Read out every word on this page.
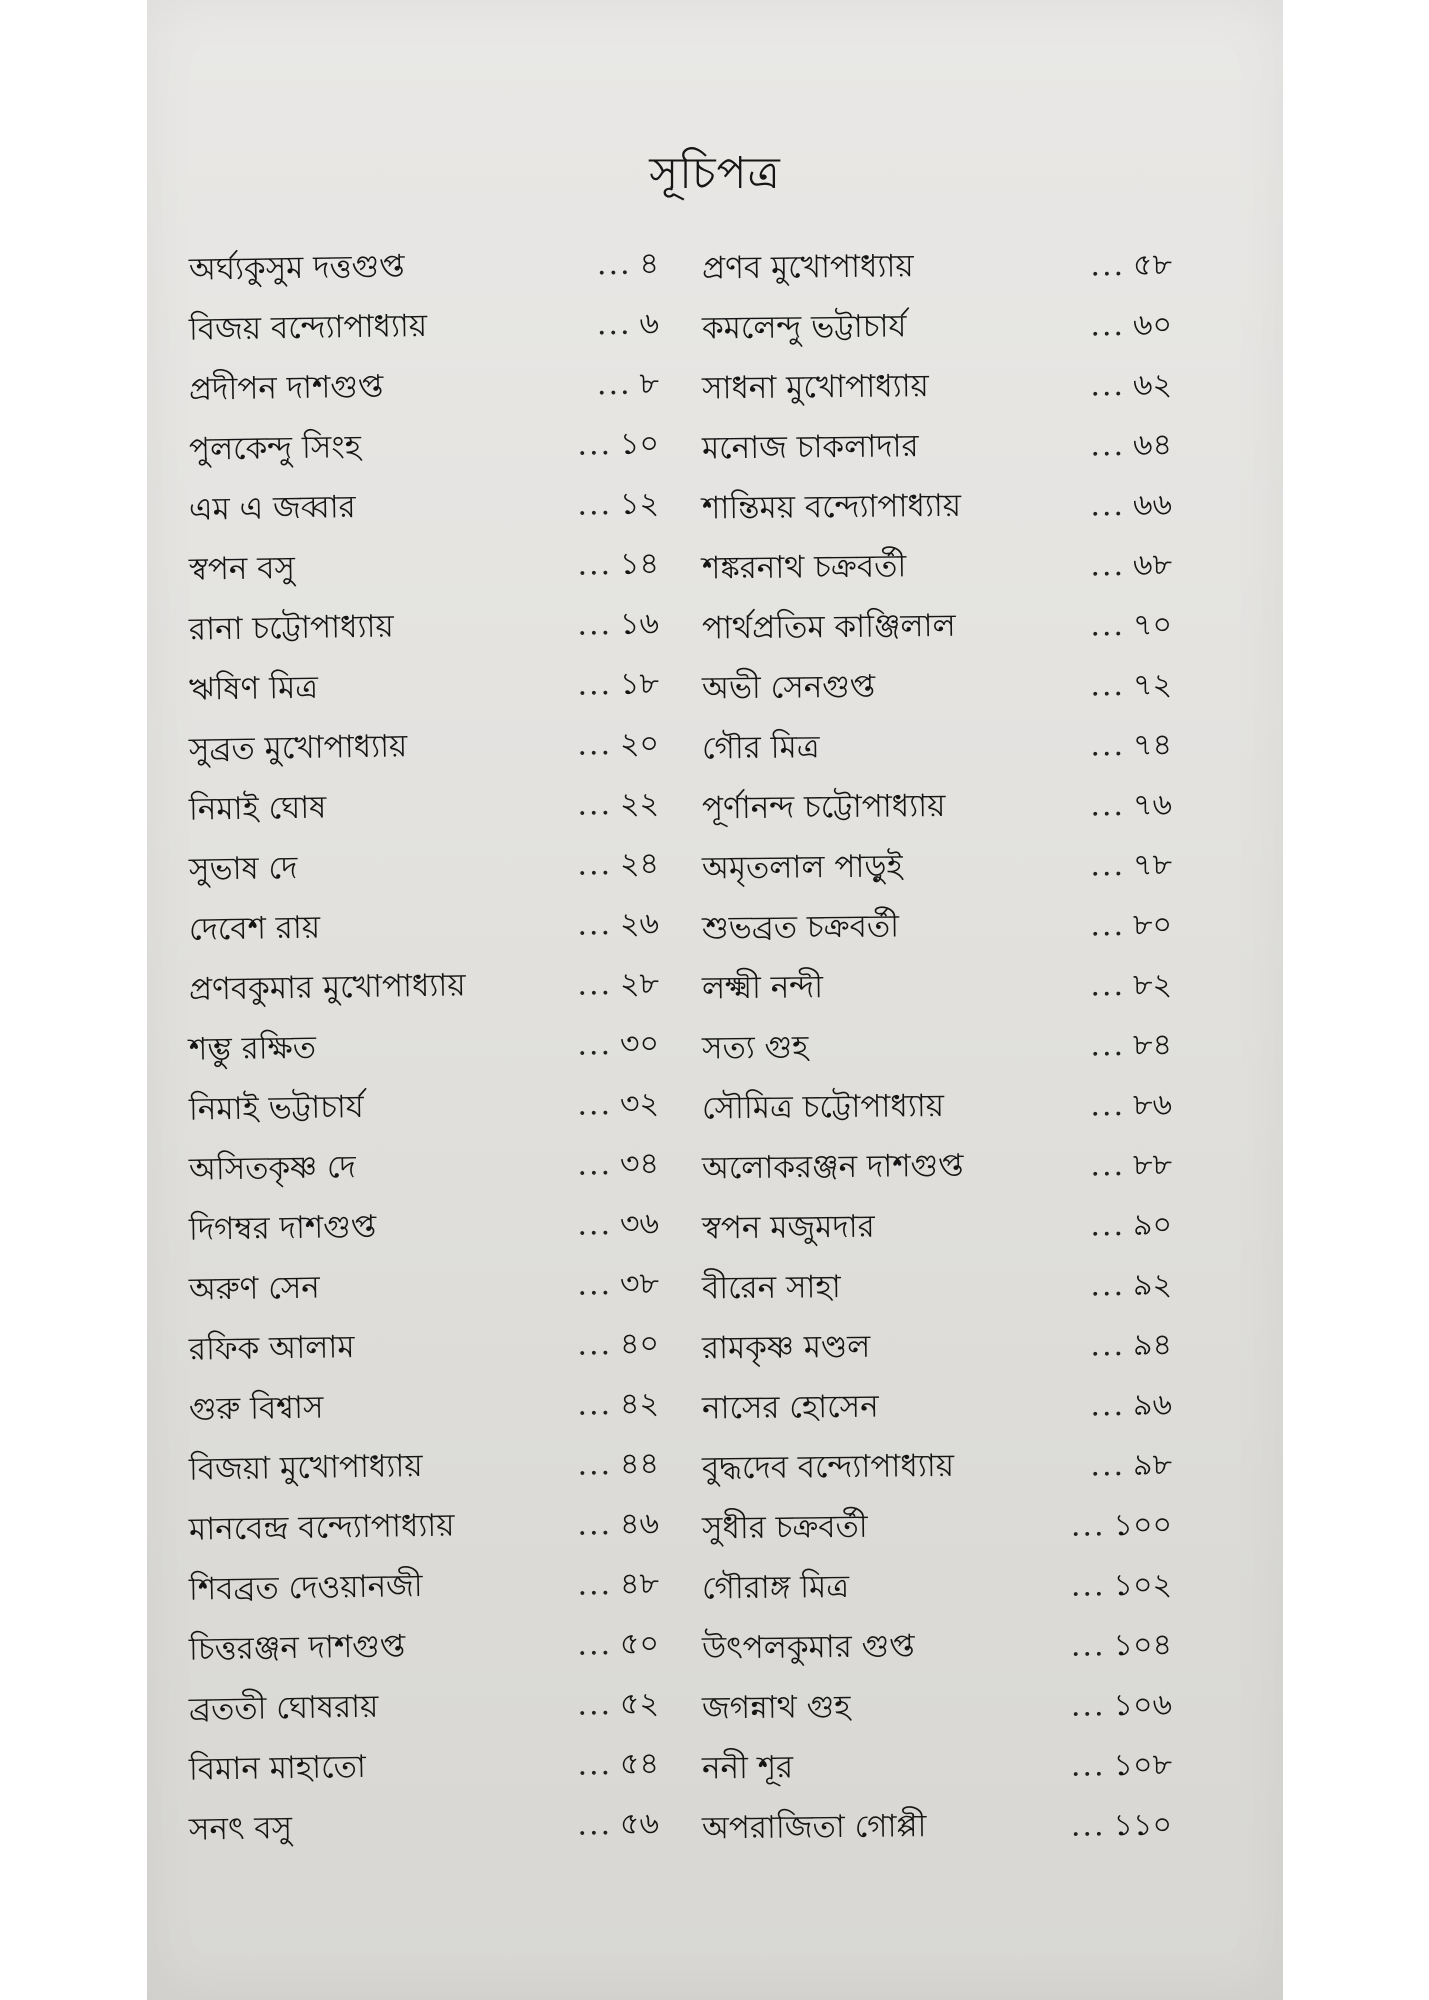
সূচিপত্র
অর্ঘ্যকুসুম দত্তগুপ্ত	... ৪
বিজয় বন্দ্যোপাধ্যায়	... ৬
প্রদীপন দাশগুপ্ত	... ৮
পুলকেন্দু সিংহ	... ১০
এম এ জব্বার	... ১২
স্বপন বসু	... ১৪
রানা চট্টোপাধ্যায়	... ১৬
ঋষিণ মিত্র	... ১৮
সুব্রত মুখোপাধ্যায়	... ২০
নিমাই ঘোষ	... ২২
সুভাষ দে	... ২৪
দেবেশ রায়	... ২৬
প্রণবকুমার মুখোপাধ্যায়	... ২৮
শম্ভু রক্ষিত	... ৩০
নিমাই ভট্টাচার্য	... ৩২
অসিতকৃষ্ণ দে	... ৩৪
দিগম্বর দাশগুপ্ত	... ৩৬
অরুণ সেন	... ৩৮
রফিক আলাম	... ৪০
গুরু বিশ্বাস	... ৪২
বিজয়া মুখোপাধ্যায়	... ৪৪
মানবেন্দ্র বন্দ্যোপাধ্যায়	... ৪৬
শিবব্রত দেওয়ানজী	... ৪৮
চিত্তরঞ্জন দাশগুপ্ত	... ৫০
ব্রততী ঘোষরায়	... ৫২
বিমান মাহাতো	... ৫৪
সনৎ বসু	... ৫৬
প্রণব মুখোপাধ্যায়	... ৫৮
কমলেন্দু ভট্টাচার্য	... ৬০
সাধনা মুখোপাধ্যায়	... ৬২
মনোজ চাকলাদার	... ৬৪
শান্তিময় বন্দ্যোপাধ্যায়	... ৬৬
শঙ্করনাথ চক্রবর্তী	... ৬৮
পার্থপ্রতিম কাঞ্জিলাল	... ৭০
অভী সেনগুপ্ত	... ৭২
গৌর মিত্র	... ৭৪
পূর্ণানন্দ চট্টোপাধ্যায়	... ৭৬
অমৃতলাল পাড়ুই	... ৭৮
শুভব্রত চক্রবর্তী	... ৮০
লক্ষ্মী নন্দী	... ৮২
সত্য গুহ	... ৮৪
সৌমিত্র চট্টোপাধ্যায়	... ৮৬
অলোকরঞ্জন দাশগুপ্ত	... ৮৮
স্বপন মজুমদার	... ৯০
বীরেন সাহা	... ৯২
রামকৃষ্ণ মণ্ডল	... ৯৪
নাসের হোসেন	... ৯৬
বুদ্ধদেব বন্দ্যোপাধ্যায়	... ৯৮
সুধীর চক্রবর্তী	... ১০০
গৌরাঙ্গ মিত্র	... ১০২
উৎপলকুমার গুপ্ত	... ১০৪
জগন্নাথ গুহ	... ১০৬
ননী শূর	... ১০৮
অপরাজিতা গোপ্পী	... ১১০
